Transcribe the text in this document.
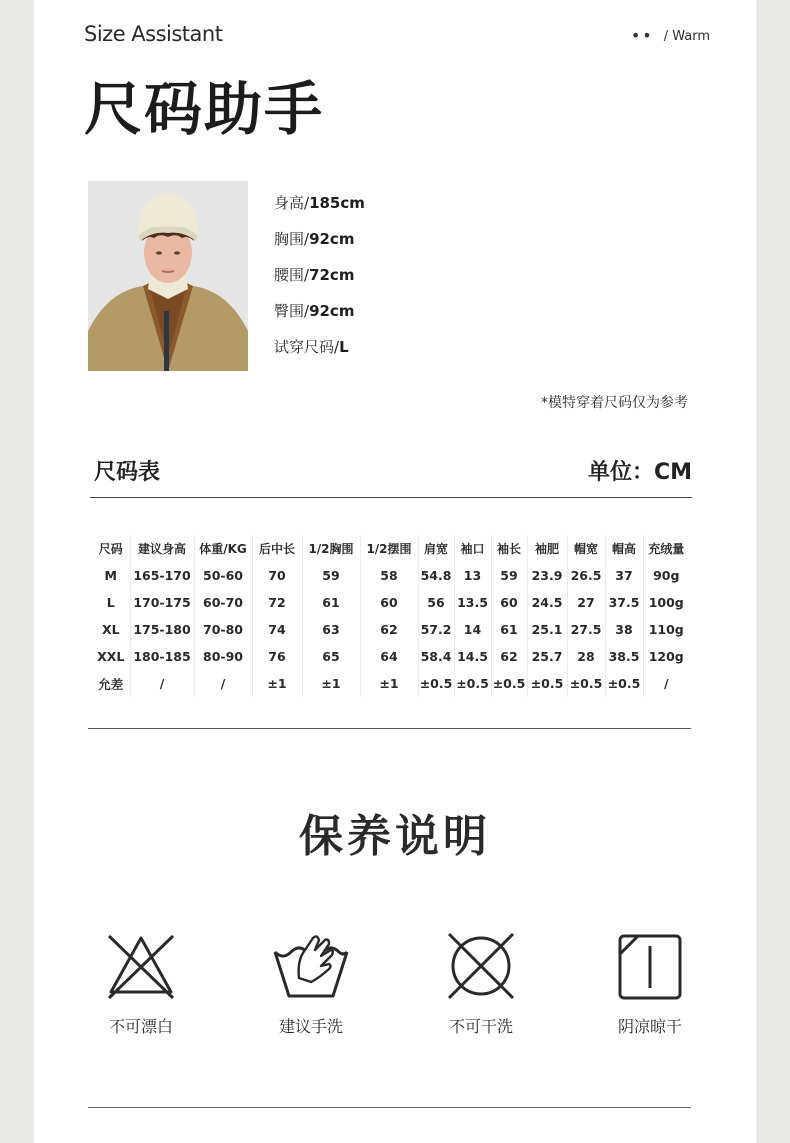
Size Assistant	•• / Warm
尺码助手
身高/ 185cm
胸围/ 92cm
腰围/ 72cm
臀围/ 92cm
试穿尺码/ L
*模特穿着尺码仅为参考
尺码表	单位：CM
尺码	建议身高	体重/KG	后中长	1/2胸围	1/2摆围	肩宽	袖口	袖长	袖肥	帽宽	帽高	充绒量
M	165-170	50-60	70	59	58	54.8	13	59	23.9	26.5	37	90g
L	170-175	60-70	72	61	60	56	13.5	60	24.5	27	37.5	100g
XL	175-180	70-80	74	63	62	57.2	14	61	25.1	27.5	38	110g
XXL	180-185	80-90	76	65	64	58.4	14.5	62	25.7	28	38.5	120g
允差	/	/	±1	±1	±1	±0.5	±0.5	±0.5	±0.5	±0.5	±0.5	/
保养说明
不可漂白	建议手洗	不可干洗	阴凉晾干
